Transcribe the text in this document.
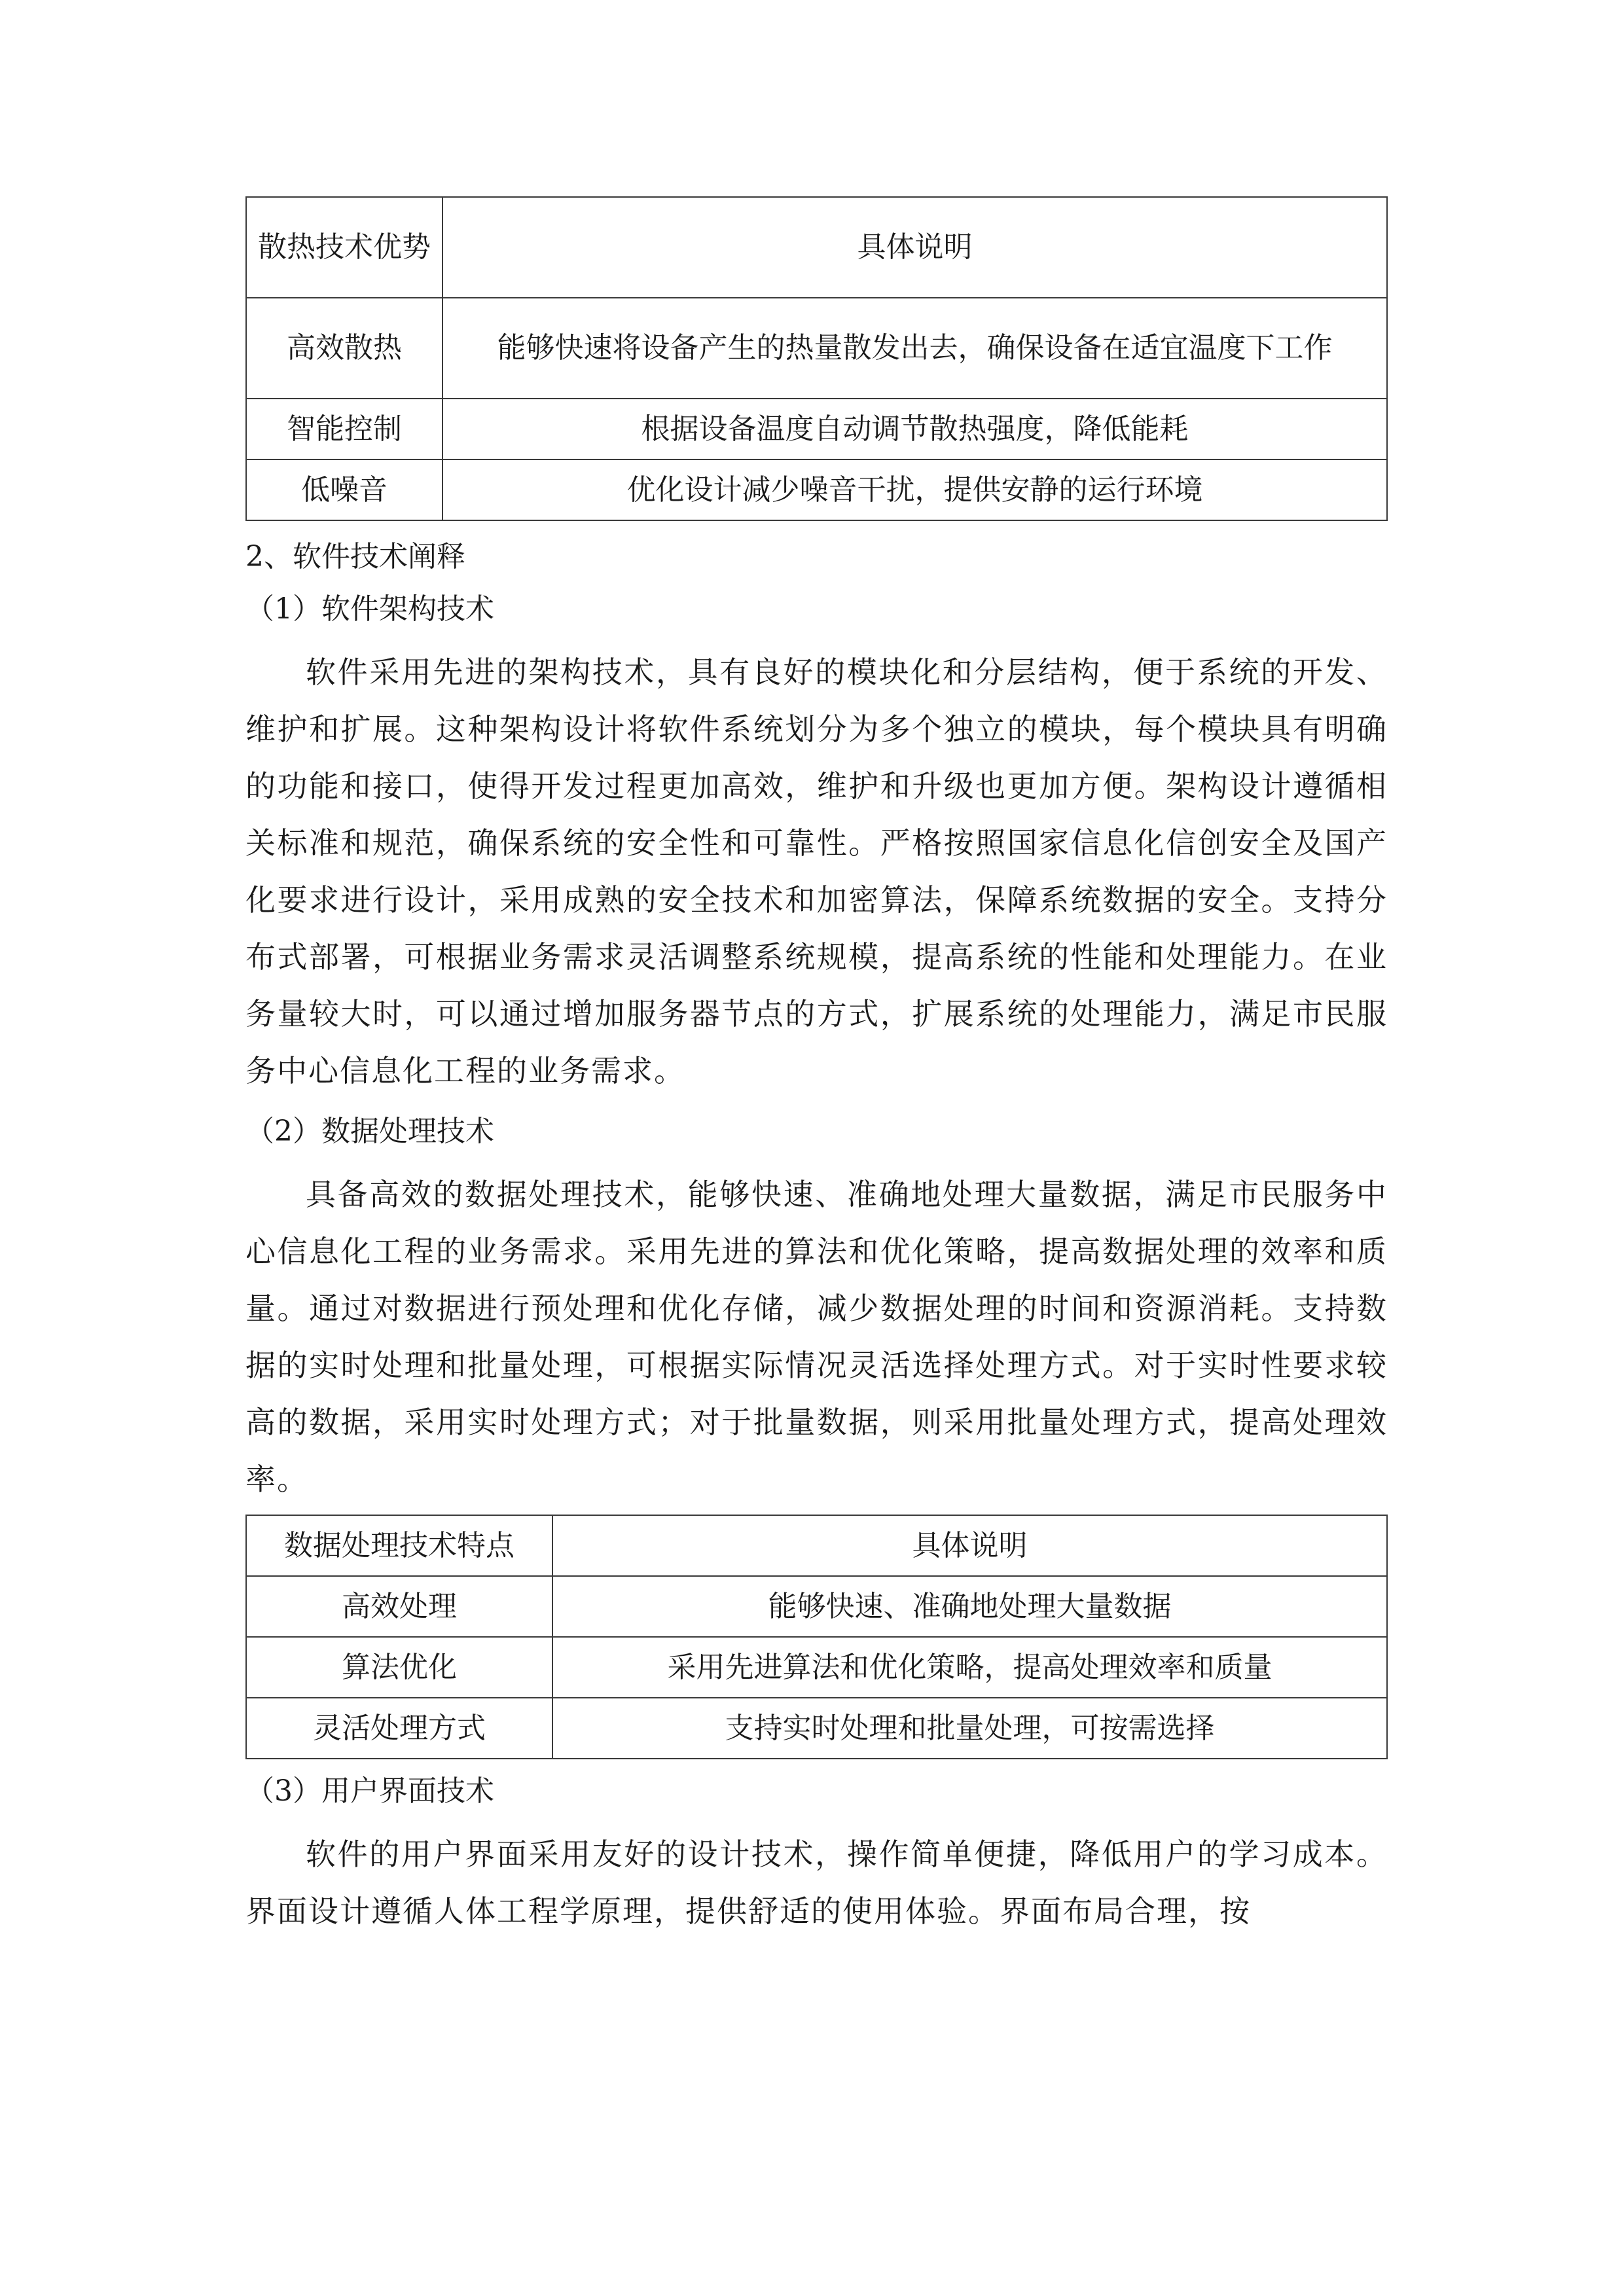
散热技术优势	具体说明
高效散热	能够快速将设备产生的热量散发出去，确保设备在适宜温度下工作
智能控制	根据设备温度自动调节散热强度，降低能耗
低噪音	优化设计减少噪音干扰，提供安静的运行环境

2、软件技术阐释

（1）软件架构技术

软件采用先进的架构技术，具有良好的模块化和分层结构，便于系统的开发、维护和扩展。这种架构设计将软件系统划分为多个独立的模块，每个模块具有明确的功能和接口，使得开发过程更加高效，维护和升级也更加方便。架构设计遵循相关标准和规范，确保系统的安全性和可靠性。严格按照国家信息化信创安全及国产化要求进行设计，采用成熟的安全技术和加密算法，保障系统数据的安全。支持分布式部署，可根据业务需求灵活调整系统规模，提高系统的性能和处理能力。在业务量较大时，可以通过增加服务器节点的方式，扩展系统的处理能力，满足市民服务中心信息化工程的业务需求。

（2）数据处理技术

具备高效的数据处理技术，能够快速、准确地处理大量数据，满足市民服务中心信息化工程的业务需求。采用先进的算法和优化策略，提高数据处理的效率和质量。通过对数据进行预处理和优化存储，减少数据处理的时间和资源消耗。支持数据的实时处理和批量处理，可根据实际情况灵活选择处理方式。对于实时性要求较高的数据，采用实时处理方式；对于批量数据，则采用批量处理方式，提高处理效率。

数据处理技术特点	具体说明
高效处理	能够快速、准确地处理大量数据
算法优化	采用先进算法和优化策略，提高处理效率和质量
灵活处理方式	支持实时处理和批量处理，可按需选择

（3）用户界面技术

软件的用户界面采用友好的设计技术，操作简单便捷，降低用户的学习成本。界面设计遵循人体工程学原理，提供舒适的使用体验。界面布局合理，按
